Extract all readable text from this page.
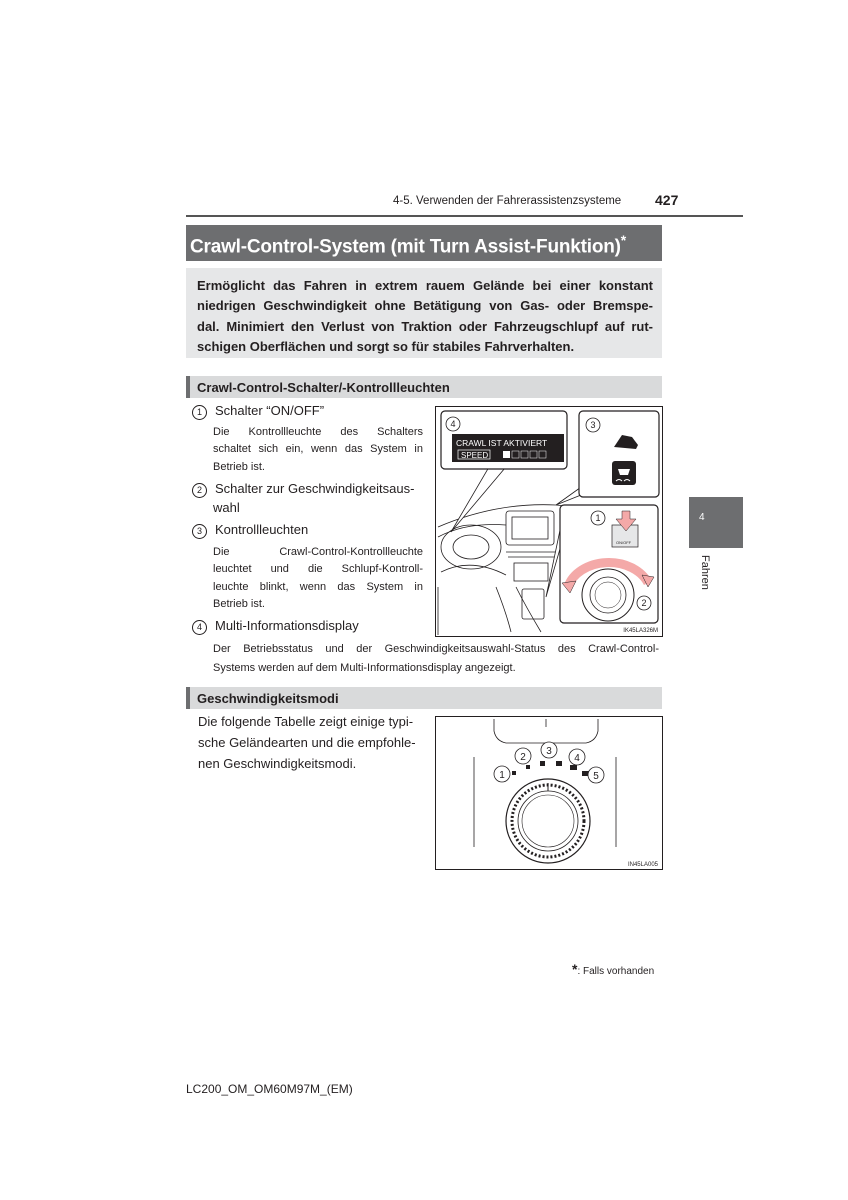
4-5. Verwenden der Fahrerassistenzsysteme 427
4
Fahren
Crawl-Control-System (mit Turn Assist-Funktion)*
Ermöglicht das Fahren in extrem rauem Gelände bei einer konstant
niedrigen Geschwindigkeit ohne Betätigung von Gas- oder Bremspe-
dal. Minimiert den Verlust von Traktion oder Fahrzeugschlupf auf rut-
schigen Oberflächen und sorgt so für stabiles Fahrverhalten.
Crawl-Control-Schalter/-Kontrollleuchten
1 Schalter “ON/OFF”
Die Kontrollleuchte des Schalters
schaltet sich ein, wenn das System in
Betrieb ist.
2 Schalter zur Geschwindigkeitsaus-
wahl
3 Kontrollleuchten
Die Crawl-Control-Kontrollleuchte
leuchtet und die Schlupf-Kontroll-
leuchte blinkt, wenn das System in
Betrieb ist.
4 Multi-Informationsdisplay
Der Betriebsstatus und der Geschwindigkeitsauswahl-Status des Crawl-Control-
Systems werden auf dem Multi-Informationsdisplay angezeigt.
CRAWL IST AKTIVIERT
SPEED
ON/OFF
4	3
1
2
IK45LA326M
Geschwindigkeitsmodi
Die folgende Tabelle zeigt einige typi-
sche Geländearten und die empfohle-
nen Geschwindigkeitsmodi.
1
2
3
4
5
IN45LA005
*: Falls vorhanden
LC200_OM_OM60M97M_(EM)
